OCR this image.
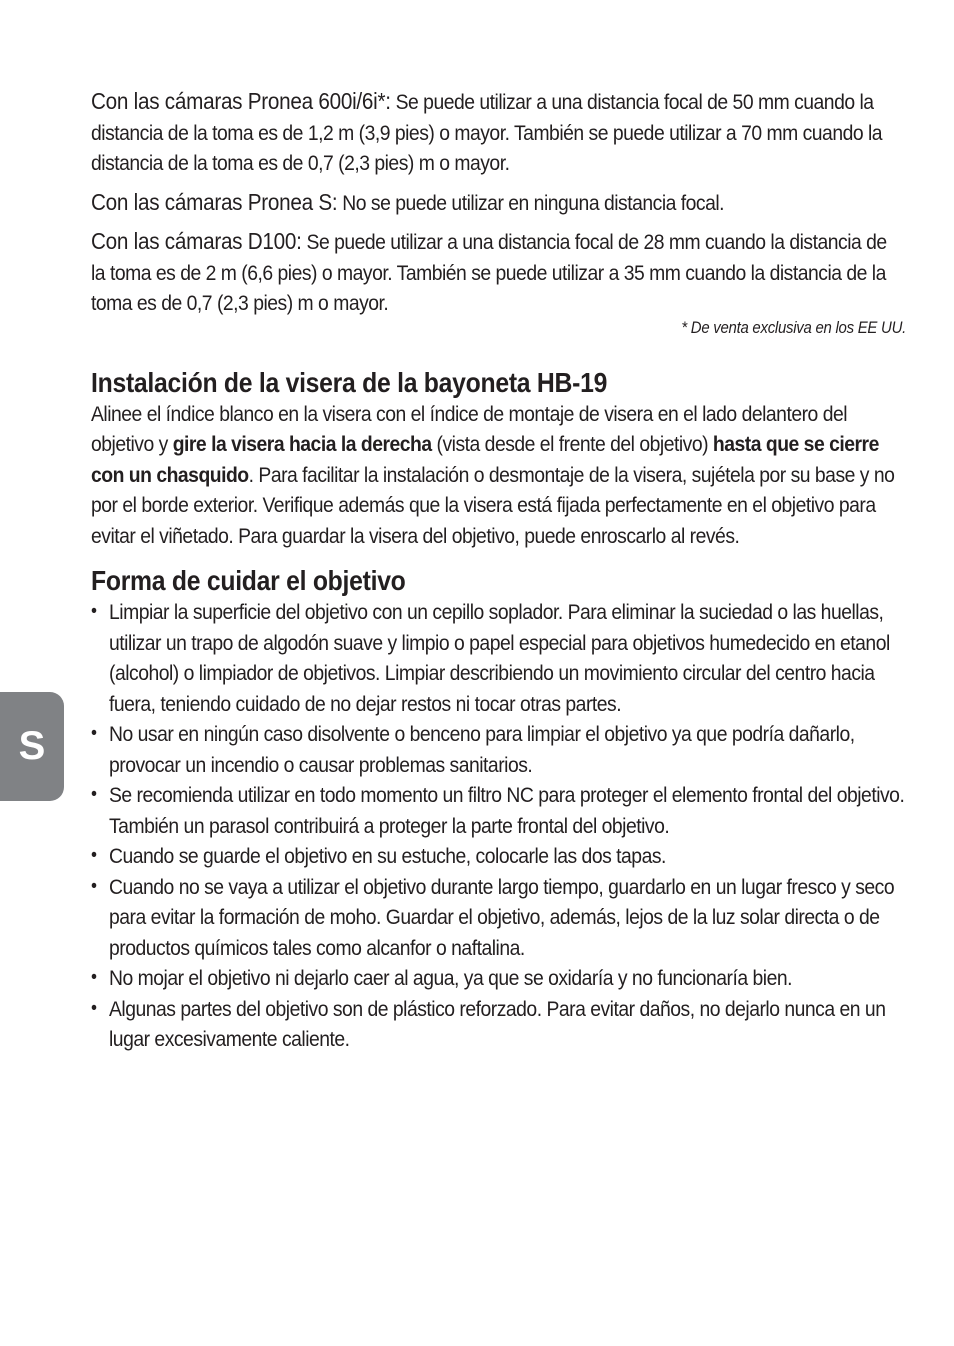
S
Con las cámaras Pronea 600i/6i*: Se puede utilizar a una distancia focal de 50 mm cuando la distancia de la toma es de 1,2 m (3,9 pies) o mayor. También se puede utilizar a 70 mm cuando la distancia de la toma es de 0,7 (2,3 pies) m o mayor.
Con las cámaras Pronea S: No se puede utilizar en ninguna distancia focal.
Con las cámaras D100: Se puede utilizar a una distancia focal de 28 mm cuando la distancia de la toma es de 2 m (6,6 pies) o mayor. También se puede utilizar a 35 mm cuando la distancia de la toma es de 0,7 (2,3 pies) m o mayor.
* De venta exclusiva en los EE UU.
Instalación de la visera de la bayoneta HB-19
Alinee el índice blanco en la visera con el índice de montaje de visera en el lado delantero del objetivo y gire la visera hacia la derecha (vista desde el frente del objetivo) hasta que se cierre con un chasquido. Para facilitar la instalación o desmontaje de la visera, sujétela por su base y no por el borde exterior. Verifique además que la visera está fijada perfectamente en el objetivo para evitar el viñetado. Para guardar la visera del objetivo, puede enroscarlo al revés.
Forma de cuidar el objetivo
• Limpiar la superficie del objetivo con un cepillo soplador. Para eliminar la suciedad o las huellas, utilizar un trapo de algodón suave y limpio o papel especial para objetivos humedecido en etanol (alcohol) o limpiador de objetivos. Limpiar describiendo un movimiento circular del centro hacia fuera, teniendo cuidado de no dejar restos ni tocar otras partes.
• No usar en ningún caso disolvente o benceno para limpiar el objetivo ya que podría dañarlo, provocar un incendio o causar problemas sanitarios.
• Se recomienda utilizar en todo momento un filtro NC para proteger el elemento frontal del objetivo. También un parasol contribuirá a proteger la parte frontal del objetivo.
• Cuando se guarde el objetivo en su estuche, colocarle las dos tapas.
• Cuando no se vaya a utilizar el objetivo durante largo tiempo, guardarlo en un lugar fresco y seco para evitar la formación de moho. Guardar el objetivo, además, lejos de la luz solar directa o de productos químicos tales como alcanfor o naftalina.
• No mojar el objetivo ni dejarlo caer al agua, ya que se oxidaría y no funcionaría bien.
• Algunas partes del objetivo son de plástico reforzado. Para evitar daños, no dejarlo nunca en un lugar excesivamente caliente.
